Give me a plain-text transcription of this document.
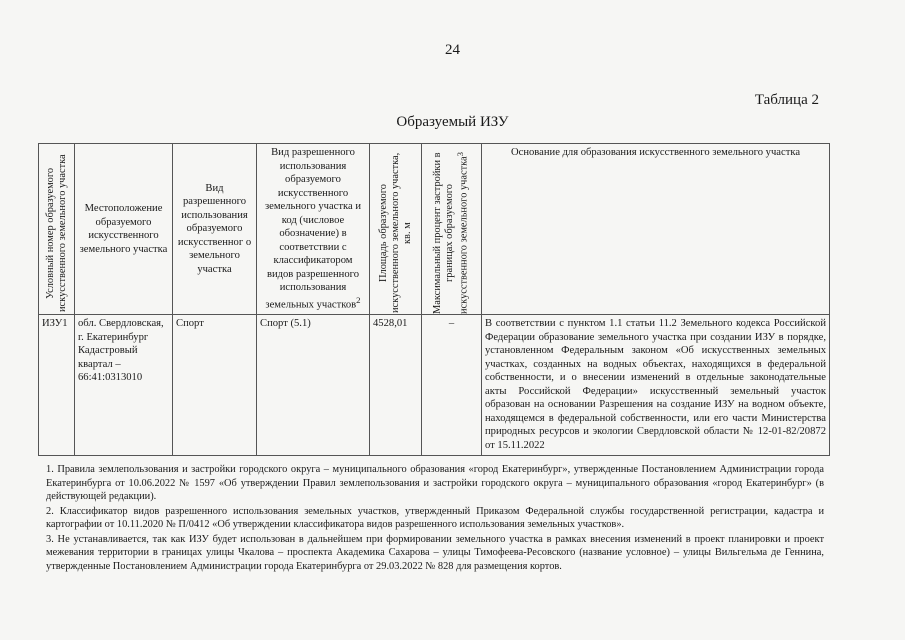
24
Таблица 2
Образуемый ИЗУ
Условный номер образуемого искусственного земельного участка	Местоположение образуемого искусственного земельного участка	Вид разрешенного использования образуемого искусственног о земельного участка	Вид разрешенного использования образуемого искусственного земельного участка и код (числовое обозначение) в соответствии с классификатором видов разрешенного использования земельных участков$^2$	Площадь образуемого искусственного земельного участка, кв. м	Максимальный процент застройки в границах образуемого искусственного земельного участка$^3$	Основание для образования искусственного земельного участка
ИЗУ1	обл. Свердловская, г. Екатеринбург Кадастровый квартал – 66:41:0313010	Спорт	Спорт (5.1)	4528,01	–	В соответствии с пунктом 1.1 статьи 11.2 Земельного кодекса Российской Федерации образование земельного участка при создании ИЗУ в порядке, установленном Федеральным законом «Об искусственных земельных участках, созданных на водных объектах, находящихся в федеральной собственности, и о внесении изменений в отдельные законодательные акты Российской Федерации» искусственный земельный участок образован на основании Разрешения на создание ИЗУ на водном объекте, находящемся в федеральной собственности, или его части Министерства природных ресурсов и экологии Свердловской области № 12-01-82/20872 от 15.11.2022

1. Правила землепользования и застройки городского округа – муниципального образования «город Екатеринбург», утвержденные Постановлением Администрации города Екатеринбурга от 10.06.2022 № 1597 «Об утверждении Правил землепользования и застройки городского округа – муниципального образования «город Екатеринбург» (в действующей редакции).

2. Классификатор видов разрешенного использования земельных участков, утвержденный Приказом Федеральной службы государственной регистрации, кадастра и картографии от 10.11.2020 № П/0412 «Об утверждении классификатора видов разрешенного использования земельных участков».

3. Не устанавливается, так как ИЗУ будет использован в дальнейшем при формировании земельного участка в рамках внесения изменений в проект планировки и проект межевания территории в границах улицы Чкалова – проспекта Академика Сахарова – улицы Тимофеева-Ресовского (название условное) – улицы Вильгельма де Геннина, утвержденные Постановлением Администрации города Екатеринбурга от 29.03.2022 № 828 для размещения кортов.
